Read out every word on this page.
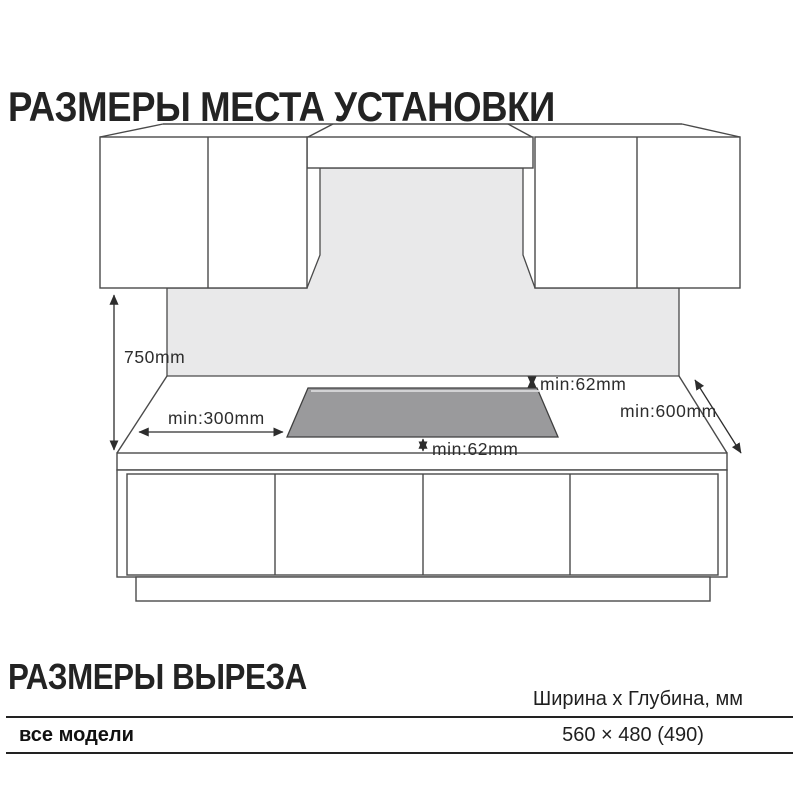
РАЗМЕРЫ МЕСТА УСТАНОВКИ
750mm
min:300mm
min:62mm
min:600mm
min:62mm
РАЗМЕРЫ ВЫРЕЗА
Ширина x Глубина, мм
все модели	560 × 480 (490)
